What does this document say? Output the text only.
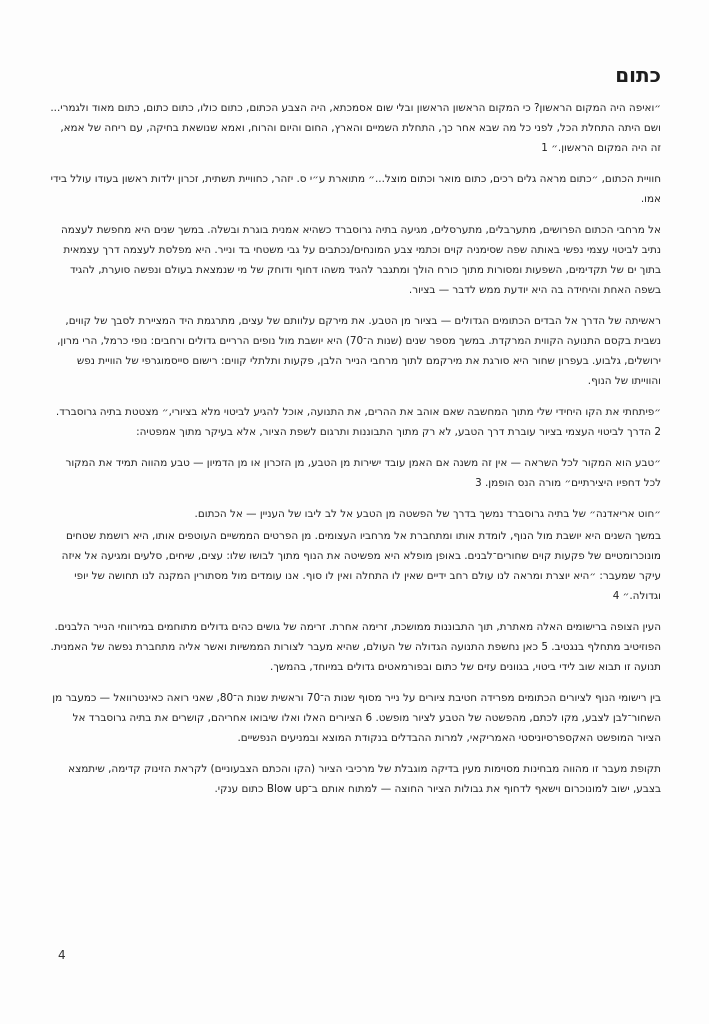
כתום

״ואיפה היה המקום הראשון? כי המקום הראשון הראשון ובלי שום אסמכתא, היה הצבע הכתום, כתום כולו, כתום כתום, כתום מאוד ולגמרי... ושם היתה התחלת הכל, לפני כל מה שבא אחר כך, התחלת השמיים והארץ, החום והיום והרוח, ואמא שנושאת בחיקה, עם ריחה של אמא, זה היה המקום הראשון.״ 1

חוויית הכתום, ״כתום מראה גלים רכים, כתום מואר וכתום מוצל...״ מתוארת ע״י ס. יזהר, כחוויית תשתית, זכרון ילדות ראשון בעודו עולל בידי אמו.

אל מרחבי הכתום הפרושים, מתערבלים, מתערסלים, מגיעה בתיה גרוסברד כשהיא אמנית בוגרת ובשלה. במשך שנים היא מחפשת לעצמה נתיב לביטוי עצמי נפשי באותה שפה שסימניה קוים וכתמי צבע המונחים/נכתבים על גבי משטחי בד ונייר. היא מפלסת לעצמה דרך עצמאית בתוך ים של תקדימים, השפעות ומסורות מתוך כורח הולך ומתגבר להגיד משהו דחוף ודוחק של מי שנמצאת בעולם ונפשה סוערת, להגיד בשפה האחת והיחידה בה היא יודעת ממש לדבר — בציור.

ראשיתה של הדרך אל הבדים הכתומים הגדולים — בציור מן הטבע. את מירקם עלוותם של עצים, מתרגמת היד המציירת לסבך של קווים, נשבית בקסם התנועה הקווית המרקדת. במשך מספר שנים (שנות ה־70) היא יושבת מול נופים הרריים גדולים ורחבים: נופי כרמל, הרי מרון, ירושלים, גלבוע. בעפרון שחור היא סורגת את מירקמם לתוך מרחבי הנייר הלבן, פקעות ותלתלי קווים: רישום סייסמוגרפי של הוויית נפש והווייתו של הנוף.

״פיתחתי את הקו היחידי שלי מתוך המחשבה שאם אוהב את ההרים, את התנועה, אוכל להגיע לביטוי מלא בציורי,״ מצטטת בתיה גרוסברד. 2 הדרך לביטוי העצמי בציור עוברת דרך הטבע, לא רק מתוך התבוננות ותרגום לשפת הציור, אלא בעיקר מתוך אמפטיה:

״טבע הוא המקור לכל השראה — אין זה משנה אם האמן עובד ישירות מן הטבע, מן הזכרון או מן הדמיון — טבע מהווה תמיד את המקור לכל דחפיו היצירתיים״ מורה הנס הופמן. 3

״חוט אריאדנה״ של בתיה גרוסברד נמשך בדרך של הפשטה מן הטבע אל לב ליבו של העניין — אל הכתום.

במשך השנים היא יושבת מול הנוף, לומדת אותו ומתחברת אל מרחביו העצומים. מן הפרטים הממשיים העוטפים אותו, היא רושמת שטחים מונוכרומטיים של פקעות קוים שחורים־לבנים. באופן מופלא היא מפשיטה את הנוף מתוך לבושו שלו: עצים, שיחים, סלעים ומגיעה אל איזה עיקר שמעבר: ״היא יוצרת ומראה לנו עולם רחב ידיים שאין לו התחלה ואין לו סוף. אנו עומדים מול מסתורין המקנה לנו תחושה של יופי וגדולה.״ 4

העין הצופה ברישומים האלה מאתרת, תוך התבוננות ממושכת, זרימה אחרת. זרימה של גושים כהים גדולים מתוחמים במירווחי הנייר הלבנים. הפוזיטיב מתחלף בנגטיב. 5 כאן נחשפת התנועה הגדולה של העולם, שהיא מעבר לצורות הממשיות ואשר אליה מתחברת נפשה של האמנית. תנועה זו תבוא שוב לידי ביטוי, בגוונים עזים של כתום ובפורמאטים גדולים במיוחד, בהמשך.

בין רישומי הנוף לציורים הכתומים מפרידה חטיבת ציורים על נייר מסוף שנות ה־70 וראשית שנות ה־80, שאני רואה כאינטרוואל — כמעבר מן השחור־לבן לצבע, מקו לכתם, מהפשטה של הטבע לציור מופשט. 6 הציורים האלו ואלו שיבואו אחריהם, קושרים את בתיה גרוסברד אל הציור המופשט האקספרסיוניסטי האמריקאי, למרות ההבדלים בנקודת המוצא ובמניעים הנפשיים.

תקופת מעבר זו מהווה מבחינות מסוימות מעין בדיקה מוגבלת של מרכיבי הציור (הקו והכתם הצבעוניים) לקראת הזינוק קדימה, שיתמצא בצבע, ישוב למונוכרום וישאף לדחוף את גבולות הציור החוצה — למתוח אותם ב־Blow up כתום ענקי.

4
